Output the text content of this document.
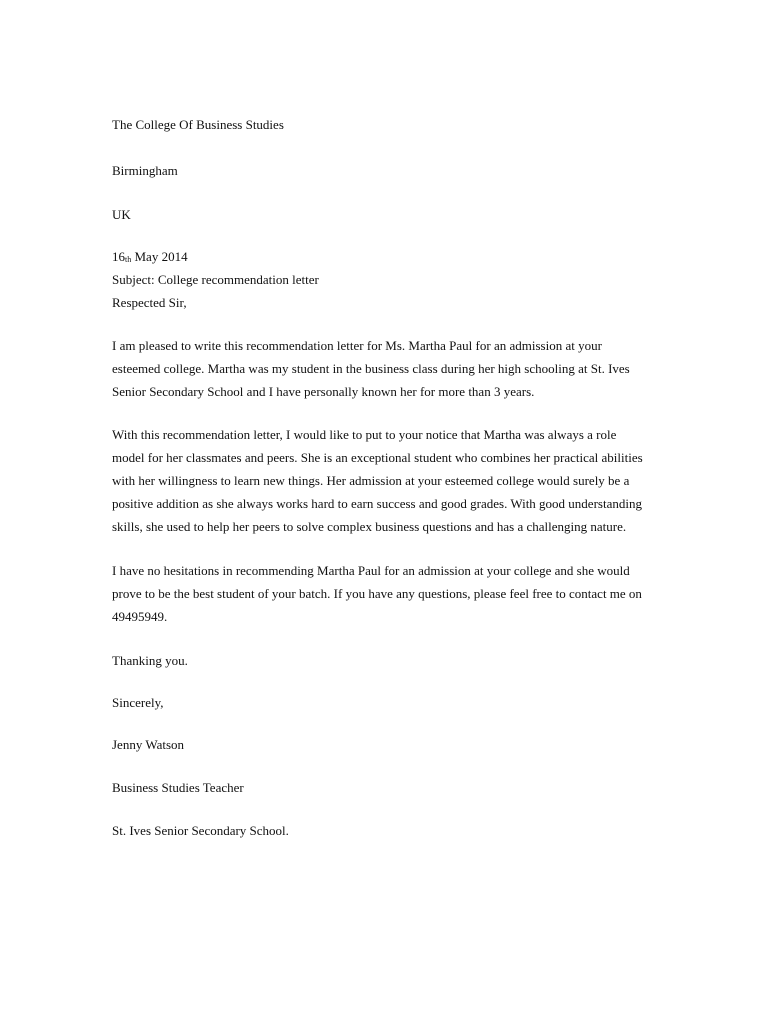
The College Of Business Studies
Birmingham
UK
16th May 2014
Subject: College recommendation letter
Respected Sir,
I am pleased to write this recommendation letter for Ms. Martha Paul for an admission at your
esteemed college. Martha was my student in the business class during her high schooling at St. Ives
Senior Secondary School and I have personally known her for more than 3 years.
With this recommendation letter, I would like to put to your notice that Martha was always a role
model for her classmates and peers. She is an exceptional student who combines her practical abilities
with her willingness to learn new things. Her admission at your esteemed college would surely be a
positive addition as she always works hard to earn success and good grades. With good understanding
skills, she used to help her peers to solve complex business questions and has a challenging nature.
I have no hesitations in recommending Martha Paul for an admission at your college and she would
prove to be the best student of your batch. If you have any questions, please feel free to contact me on
49495949.
Thanking you.
Sincerely,
Jenny Watson
Business Studies Teacher
St. Ives Senior Secondary School.
